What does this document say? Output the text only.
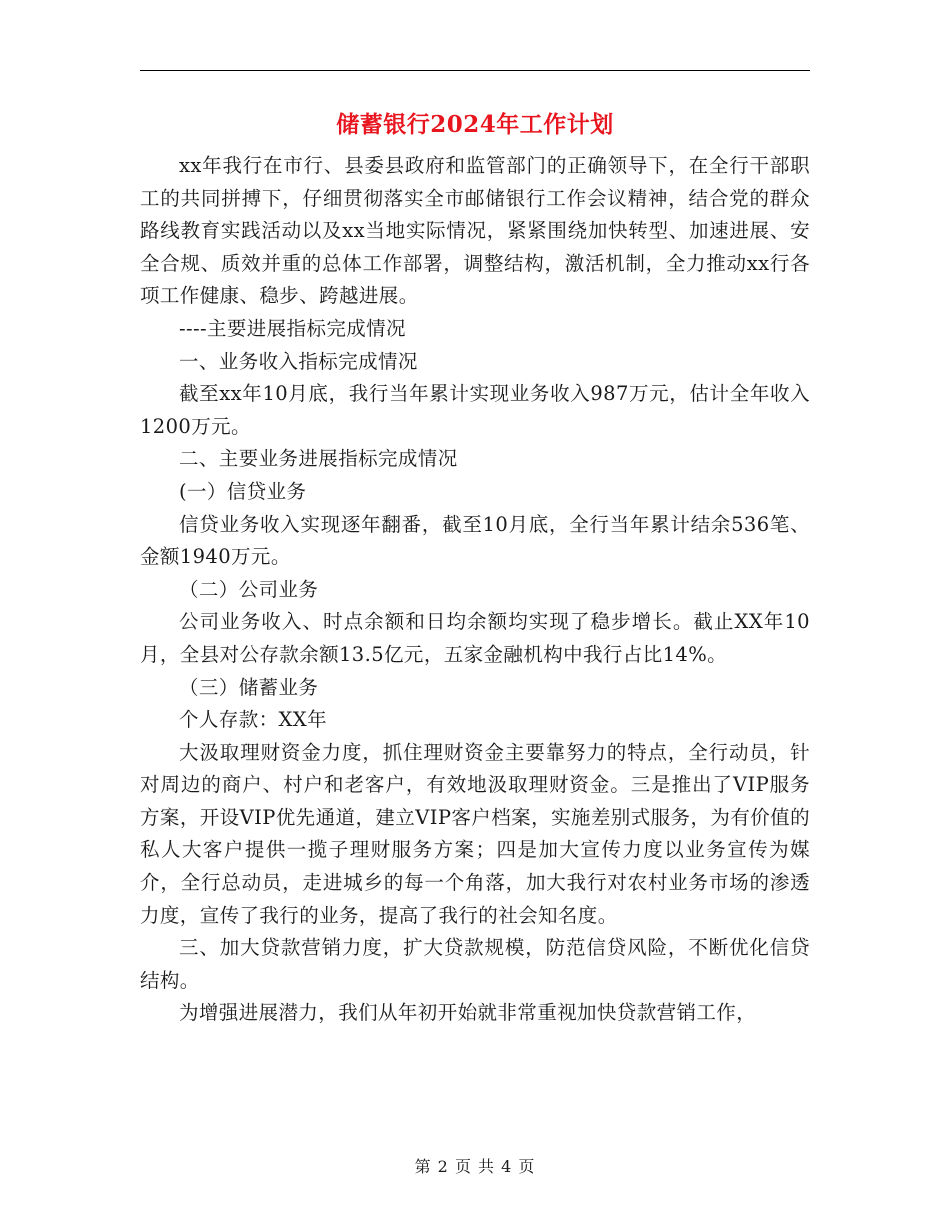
储蓄银行2024年工作计划

xx年我行在市行、县委县政府和监管部门的正确领导下，在全行干部职工的共同拼搏下，仔细贯彻落实全市邮储银行工作会议精神，结合党的群众路线教育实践活动以及xx当地实际情况，紧紧围绕加快转型、加速进展、安全合规、质效并重的总体工作部署，调整结构，激活机制，全力推动xx行各项工作健康、稳步、跨越进展。

----主要进展指标完成情况

一、业务收入指标完成情况

截至xx年10月底，我行当年累计实现业务收入987万元，估计全年收入1200万元。

二、主要业务进展指标完成情况

(一）信贷业务

信贷业务收入实现逐年翻番，截至10月底，全行当年累计结余536笔、金额1940万元。

（二）公司业务

公司业务收入、时点余额和日均余额均实现了稳步增长。截止XX年10月，全县对公存款余额13.5亿元，五家金融机构中我行占比14%。

（三）储蓄业务

个人存款：XX年

大汲取理财资金力度，抓住理财资金主要靠努力的特点，全行动员，针对周边的商户、村户和老客户，有效地汲取理财资金。三是推出了VIP服务方案，开设VIP优先通道，建立VIP客户档案，实施差别式服务，为有价值的私人大客户提供一揽子理财服务方案；四是加大宣传力度以业务宣传为媒介，全行总动员，走进城乡的每一个角落，加大我行对农村业务市场的渗透力度，宣传了我行的业务，提高了我行的社会知名度。

三、加大贷款营销力度，扩大贷款规模，防范信贷风险，不断优化信贷结构。

为增强进展潜力，我们从年初开始就非常重视加快贷款营销工作，

第 2 页 共 4 页
